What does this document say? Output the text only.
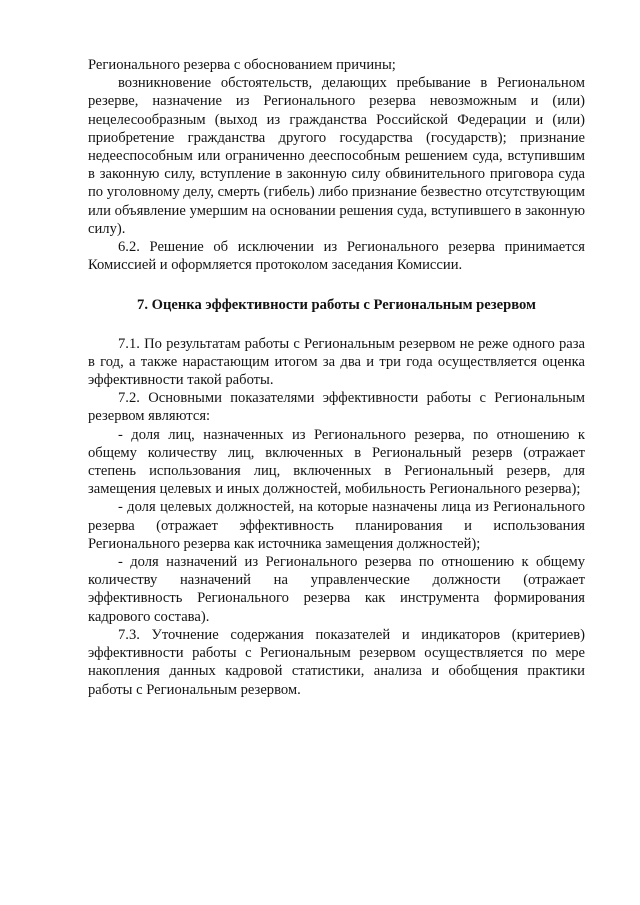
Регионального резерва с обоснованием причины;

возникновение обстоятельств, делающих пребывание в Региональном резерве, назначение из Регионального резерва невозможным и (или) нецелесообразным (выход из гражданства Российской Федерации и (или) приобретение гражданства другого государства (государств); признание недееспособным или ограниченно дееспособным решением суда, вступившим в законную силу, вступление в законную силу обвинительного приговора суда по уголовному делу, смерть (гибель) либо признание безвестно отсутствующим или объявление умершим на основании решения суда, вступившего в законную силу).

6.2. Решение об исключении из Регионального резерва принимается Комиссией и оформляется протоколом заседания Комиссии.

7. Оценка эффективности работы с Региональным резервом

7.1. По результатам работы с Региональным резервом не реже одного раза в год, а также нарастающим итогом за два и три года осуществляется оценка эффективности такой работы.

7.2. Основными показателями эффективности работы с Региональным резервом являются:

- доля лиц, назначенных из Регионального резерва, по отношению к общему количеству лиц, включенных в Региональный резерв (отражает степень использования лиц, включенных в Региональный резерв, для замещения целевых и иных должностей, мобильность Регионального резерва);

- доля целевых должностей, на которые назначены лица из Регионального резерва (отражает эффективность планирования и использования Регионального резерва как источника замещения должностей);

- доля назначений из Регионального резерва по отношению к общему количеству назначений на управленческие должности (отражает эффективность Регионального резерва как инструмента формирования кадрового состава).

7.3. Уточнение содержания показателей и индикаторов (критериев) эффективности работы с Региональным резервом осуществляется по мере накопления данных кадровой статистики, анализа и обобщения практики работы с Региональным резервом.
